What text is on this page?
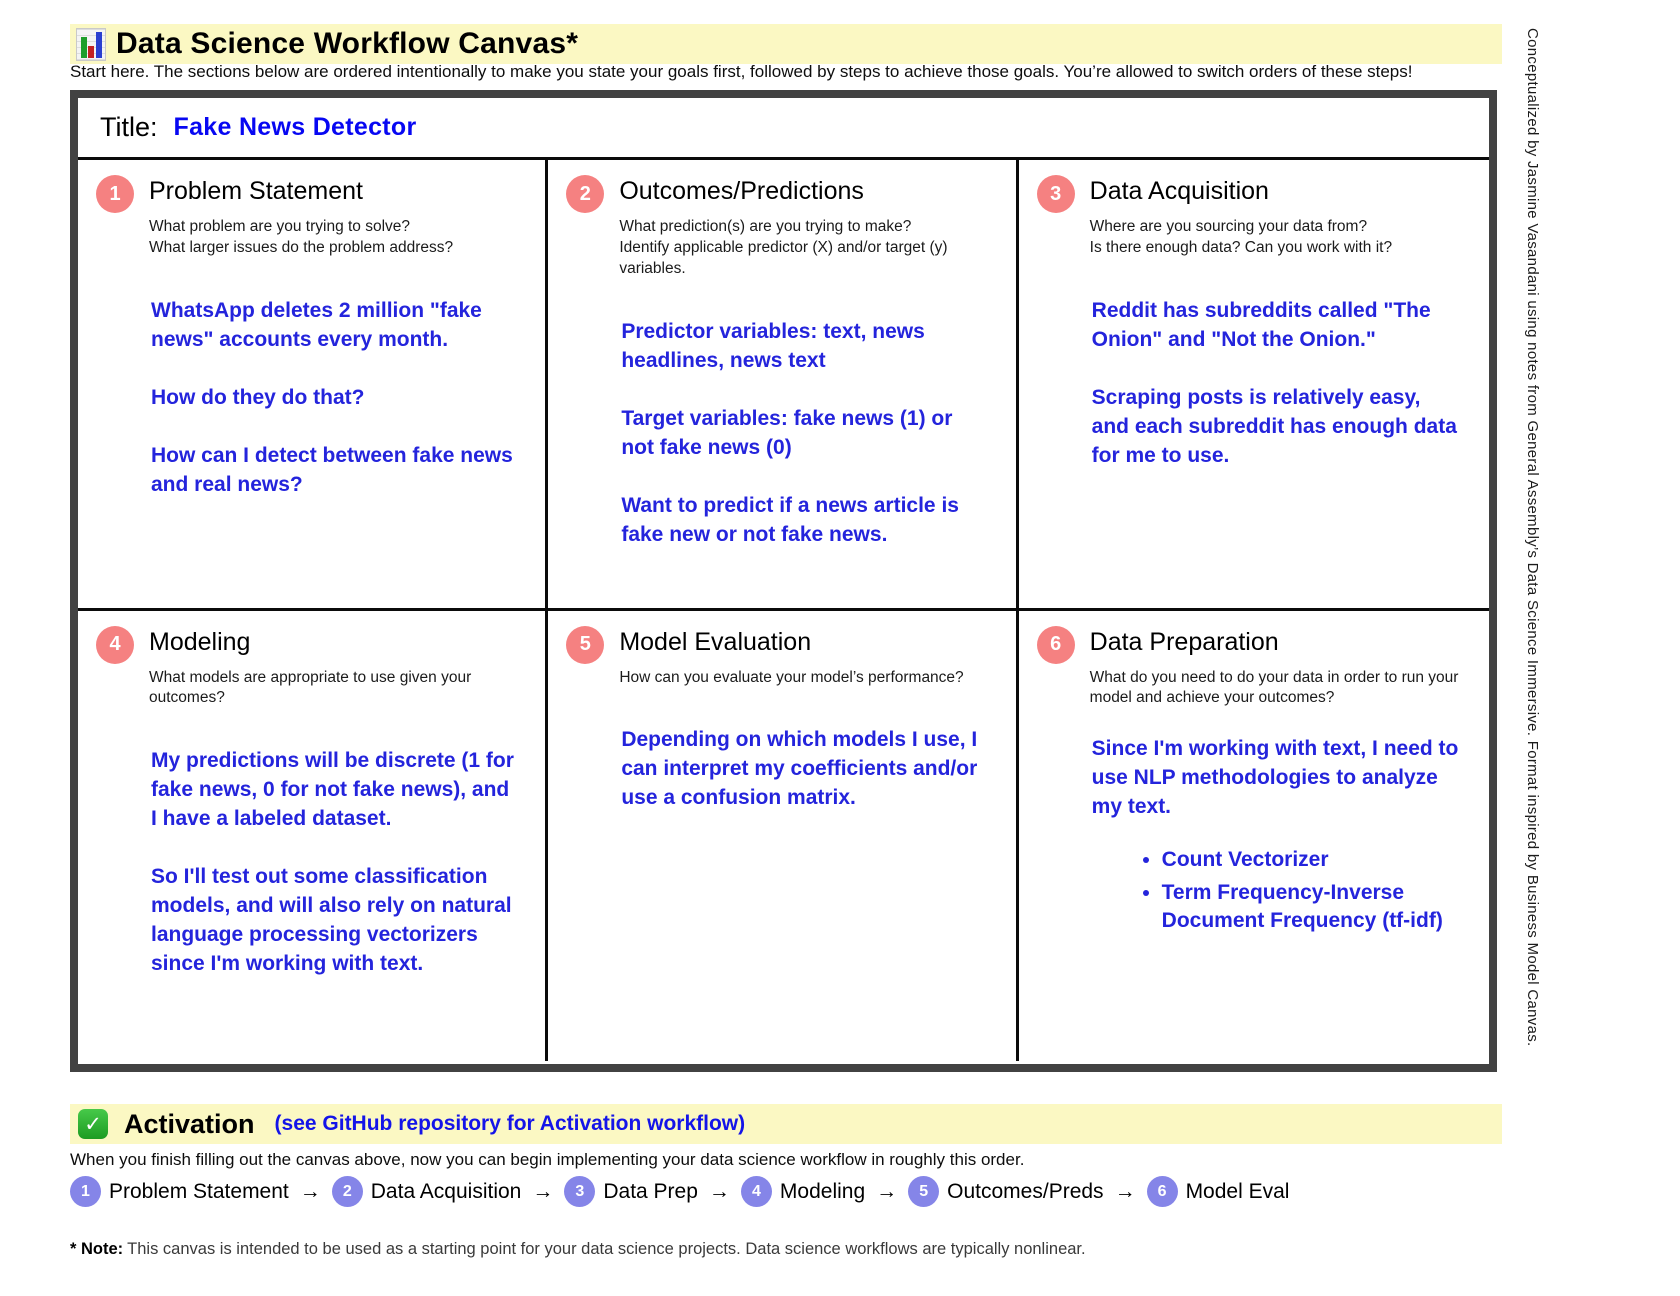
Data Science Workflow Canvas*
Start here. The sections below are ordered intentionally to make you state your goals first, followed by steps to achieve those goals. You’re allowed to switch orders of these steps!
Title: Fake News Detector
1	Problem Statement
What problem are you trying to solve?
What larger issues do the problem address?

WhatsApp deletes 2 million "fake news" accounts every month.

How do they do that?

How can I detect between fake news and real news?

2	Outcomes/Predictions
What prediction(s) are you trying to make?
Identify applicable predictor (X) and/or target (y) variables.

Predictor variables: text, news headlines, news text

Target variables: fake news (1) or not fake news (0)

Want to predict if a news article is fake new or not fake news.

3	Data Acquisition
Where are you sourcing your data from?
Is there enough data? Can you work with it?

Reddit has subreddits called "The Onion" and "Not the Onion."

Scraping posts is relatively easy, and each subreddit has enough data for me to use.

4	Modeling
What models are appropriate to use given your outcomes?

My predictions will be discrete (1 for fake news, 0 for not fake news), and I have a labeled dataset.

So I'll test out some classification models, and will also rely on natural language processing vectorizers since I'm working with text.

5	Model Evaluation
How can you evaluate your model’s performance?

Depending on which models I use, I can interpret my coefficients and/or use a confusion matrix.

6	Data Preparation
What do you need to do your data in order to run your model and achieve your outcomes?

Since I'm working with text, I need to use NLP methodologies to analyze my text.

• Count Vectorizer
• Term Frequency-Inverse Document Frequency (tf-idf)
✓ Activation (see GitHub repository for Activation workflow)
When you finish filling out the canvas above, now you can begin implementing your data science workflow in roughly this order.
1 Problem Statement →	2 Data Acquisition →	3 Data Prep →	4 Modeling →	5 Outcomes/Preds →	6 Model Eval
* Note: This canvas is intended to be used as a starting point for your data science projects. Data science workflows are typically nonlinear.
Conceptualized by Jasmine Vasandani using notes from General Assembly’s Data Science Immersive. Format inspired by Business Model Canvas.
